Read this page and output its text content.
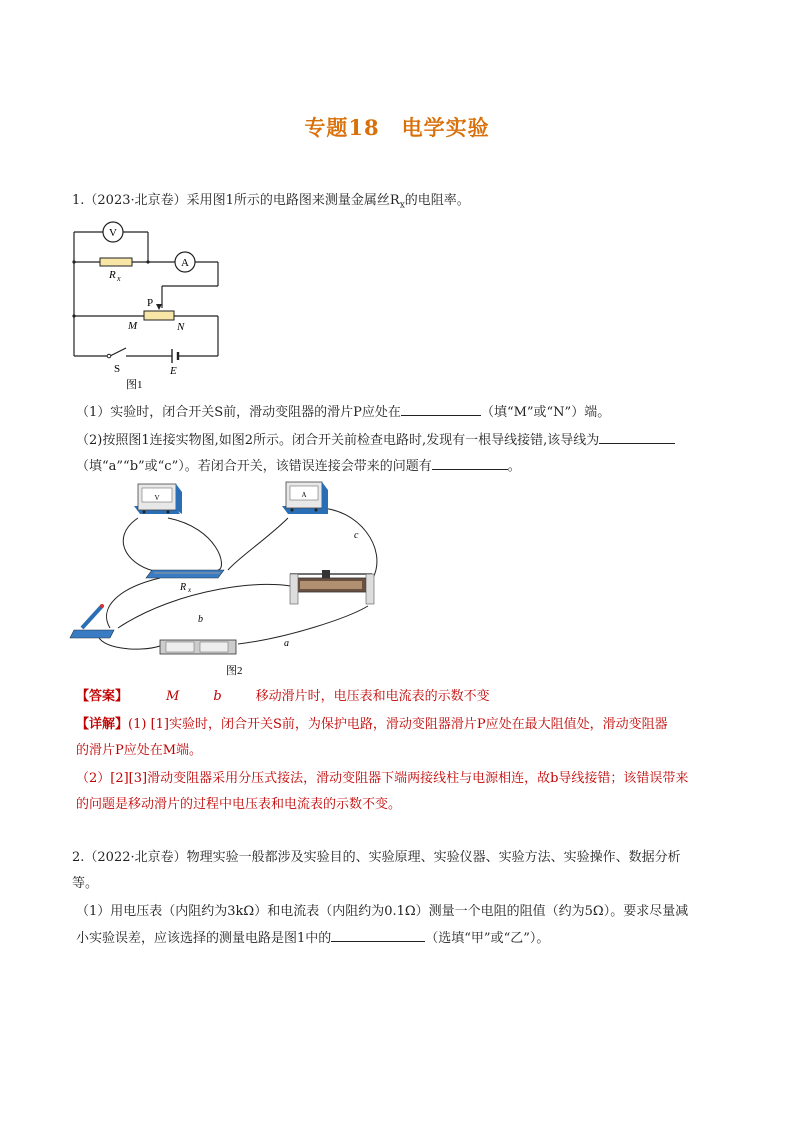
专题18　电学实验
1.（2023·北京卷）采用图1所示的电路图来测量金属丝$R_x$的电阻率。
V
A
R x
P
M	N
S	E
图1
（1）实验时，闭合开关S前，滑动变阻器的滑片P应处在	（填“M”或“N”）端。
（2)按照图1连接实物图,如图2所示。闭合开关前检查电路时,发现有一根导线接错,该导线为
（填“a”“b”或“c”）。若闭合开关，该错误连接会带来的问题有	。
V	A
R x
b
a
c
图2
【答案】	M	b	移动滑片时，电压表和电流表的示数不变
【详解】(1) [1]实验时，闭合开关S前，为保护电路，滑动变阻器滑片P应处在最大阻值处，滑动变阻器
的滑片P应处在M端。
（2）[2][3]滑动变阻器采用分压式接法，滑动变阻器下端两接线柱与电源相连，故b导线接错；该错误带来
的问题是移动滑片的过程中电压表和电流表的示数不变。
2.（2022·北京卷）物理实验一般都涉及实验目的、实验原理、实验仪器、实验方法、实验操作、数据分析
等。
（1）用电压表（内阻约为3kΩ）和电流表（内阻约为0.1Ω）测量一个电阻的阻值（约为5Ω）。要求尽量减
小实验误差，应该选择的测量电路是图1中的	（选填“甲”或“乙”）。
